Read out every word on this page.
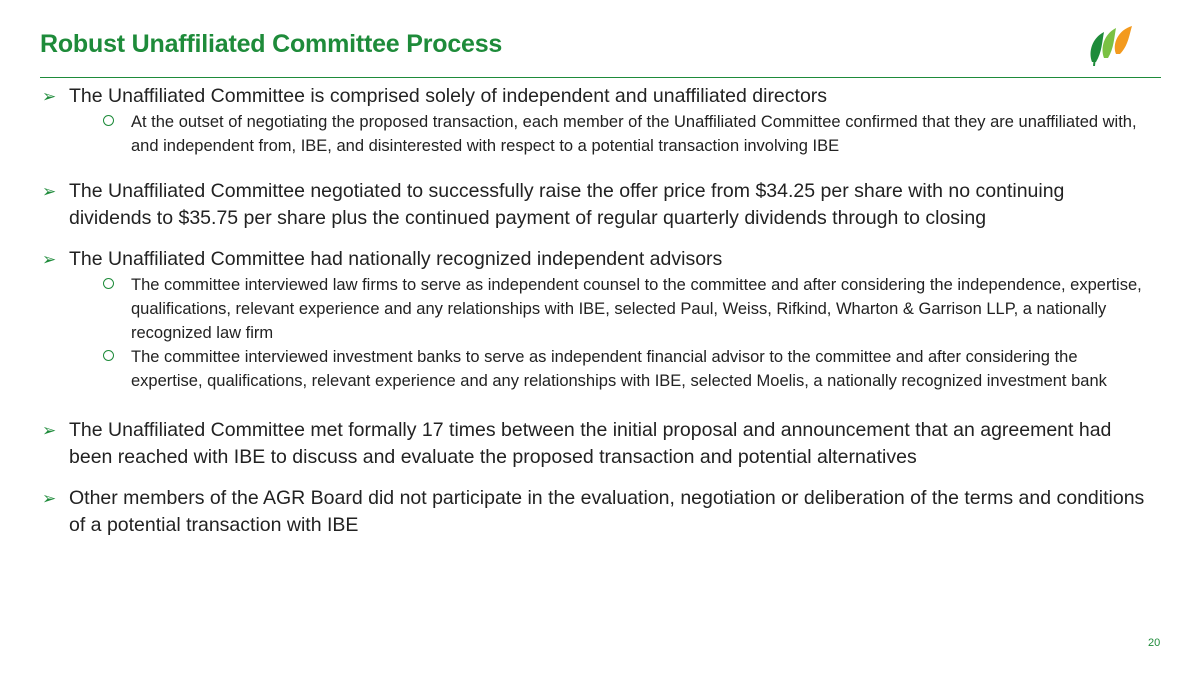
Robust Unaffiliated Committee Process
➢ The Unaffiliated Committee is comprised solely of independent and unaffiliated directors
At the outset of negotiating the proposed transaction, each member of the Unaffiliated Committee confirmed that they are unaffiliated with, and independent from, IBE, and disinterested with respect to a potential transaction involving IBE
➢ The Unaffiliated Committee negotiated to successfully raise the offer price from $34.25 per share with no continuing dividends to $35.75 per share plus the continued payment of regular quarterly dividends through to closing
➢ The Unaffiliated Committee had nationally recognized independent advisors
The committee interviewed law firms to serve as independent counsel to the committee and after considering the independence, expertise, qualifications, relevant experience and any relationships with IBE, selected Paul, Weiss, Rifkind, Wharton & Garrison LLP, a nationally recognized law firm
The committee interviewed investment banks to serve as independent financial advisor to the committee and after considering the expertise, qualifications, relevant experience and any relationships with IBE, selected Moelis, a nationally recognized investment bank
➢ The Unaffiliated Committee met formally 17 times between the initial proposal and announcement that an agreement had been reached with IBE to discuss and evaluate the proposed transaction and potential alternatives
➢ Other members of the AGR Board did not participate in the evaluation, negotiation or deliberation of the terms and conditions of a potential transaction with IBE
20
